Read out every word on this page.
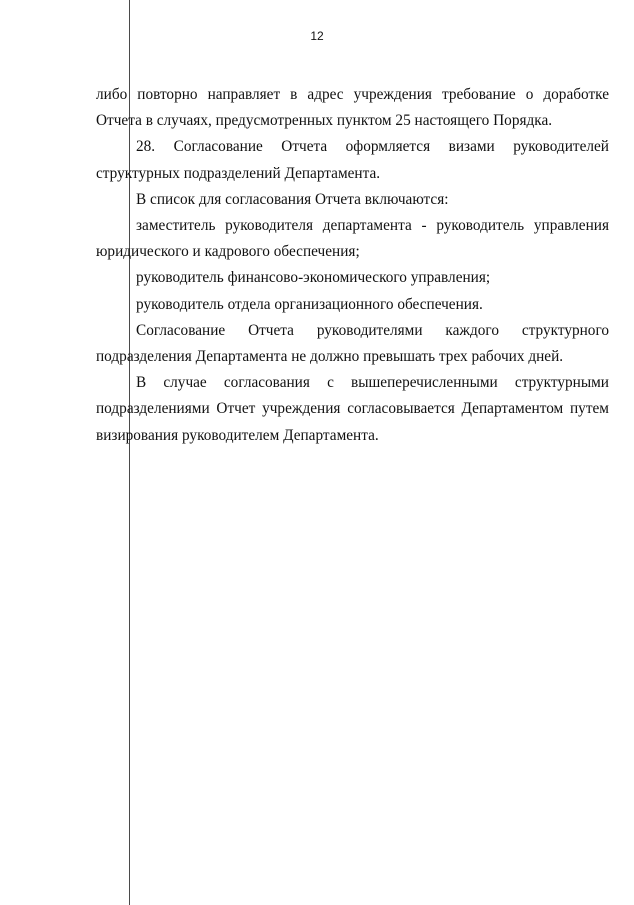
12

либо повторно направляет в адрес учреждения требование о доработке Отчета в случаях, предусмотренных пунктом 25 настоящего Порядка.

28. Согласование Отчета оформляется визами руководителей структурных подразделений Департамента.

В список для согласования Отчета включаются:

заместитель руководителя департамента - руководитель управления юридического и кадрового обеспечения;

руководитель финансово-экономического управления;

руководитель отдела организационного обеспечения.

Согласование Отчета руководителями каждого структурного подразделения Департамента не должно превышать трех рабочих дней.

В случае согласования с вышеперечисленными структурными подразделениями Отчет учреждения согласовывается Департаментом путем визирования руководителем Департамента.
